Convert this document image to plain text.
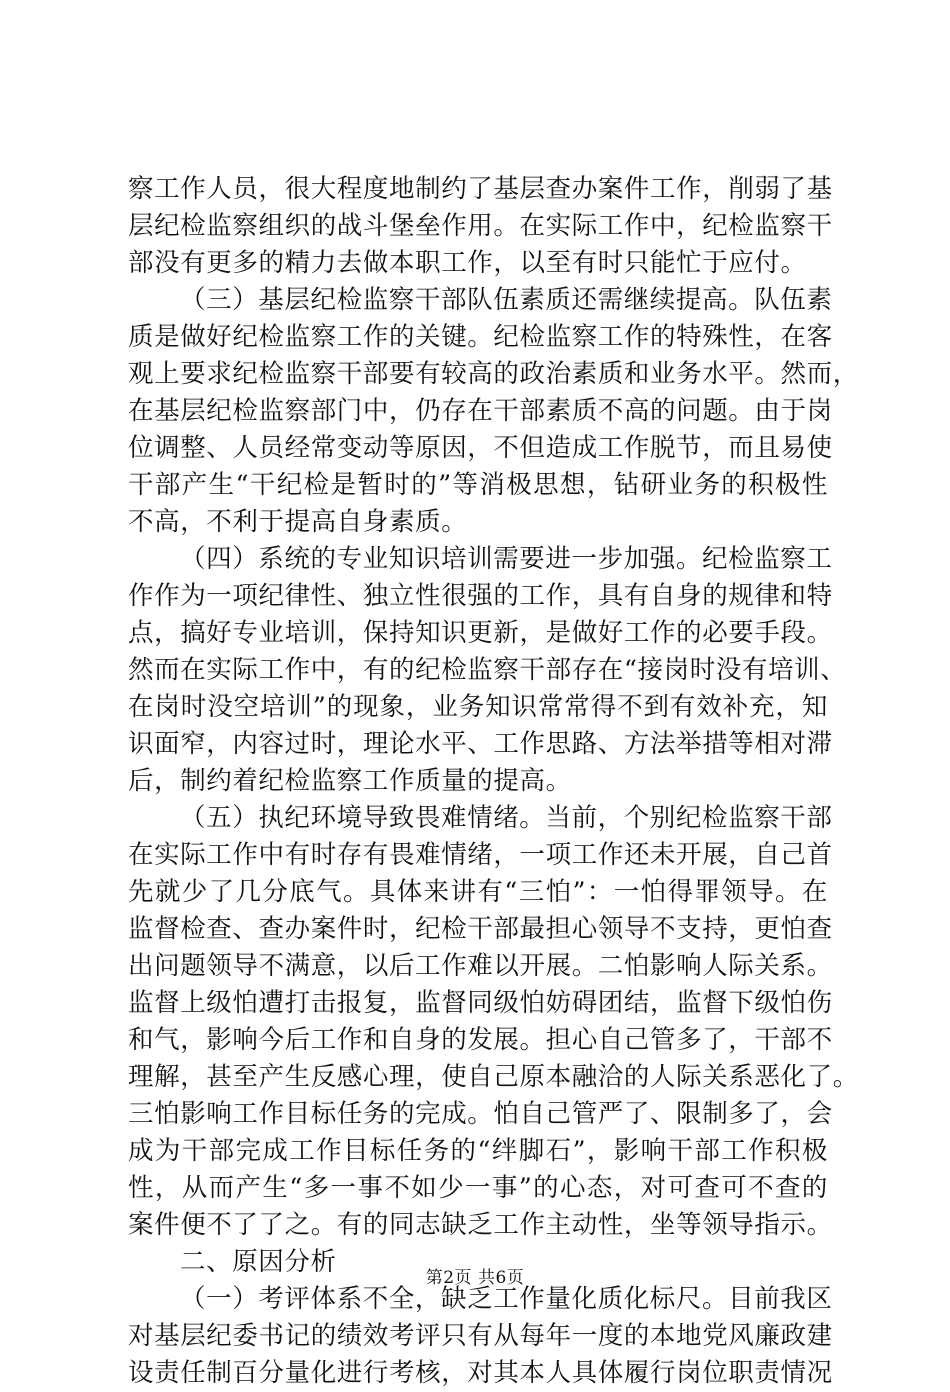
察工作人员，很大程度地制约了基层查办案件工作，削弱了基
层纪检监察组织的战斗堡垒作用。在实际工作中，纪检监察干
部没有更多的精力去做本职工作，以至有时只能忙于应付。
（三）基层纪检监察干部队伍素质还需继续提高。队伍素
质是做好纪检监察工作的关键。纪检监察工作的特殊性，在客
观上要求纪检监察干部要有较高的政治素质和业务水平。然而，
在基层纪检监察部门中，仍存在干部素质不高的问题。由于岗
位调整、人员经常变动等原因，不但造成工作脱节，而且易使
干部产生“干纪检是暂时的”等消极思想，钻研业务的积极性
不高，不利于提高自身素质。
（四）系统的专业知识培训需要进一步加强。纪检监察工
作作为一项纪律性、独立性很强的工作，具有自身的规律和特
点，搞好专业培训，保持知识更新，是做好工作的必要手段。
然而在实际工作中，有的纪检监察干部存在“接岗时没有培训、
在岗时没空培训”的现象，业务知识常常得不到有效补充，知
识面窄，内容过时，理论水平、工作思路、方法举措等相对滞
后，制约着纪检监察工作质量的提高。
（五）执纪环境导致畏难情绪。当前，个别纪检监察干部
在实际工作中有时存有畏难情绪，一项工作还未开展，自己首
先就少了几分底气。具体来讲有“三怕”：一怕得罪领导。在
监督检查、查办案件时，纪检干部最担心领导不支持，更怕查
出问题领导不满意，以后工作难以开展。二怕影响人际关系。
监督上级怕遭打击报复，监督同级怕妨碍团结，监督下级怕伤
和气，影响今后工作和自身的发展。担心自己管多了，干部不
理解，甚至产生反感心理，使自己原本融洽的人际关系恶化了。
三怕影响工作目标任务的完成。怕自己管严了、限制多了，会
成为干部完成工作目标任务的“绊脚石”，影响干部工作积极
性，从而产生“多一事不如少一事”的心态，对可查可不查的
案件便不了了之。有的同志缺乏工作主动性，坐等领导指示。
二、原因分析
（一）考评体系不全，缺乏工作量化质化标尺。目前我区
对基层纪委书记的绩效考评只有从每年一度的本地党风廉政建
设责任制百分量化进行考核，对其本人具体履行岗位职责情况
第2页 共6页
